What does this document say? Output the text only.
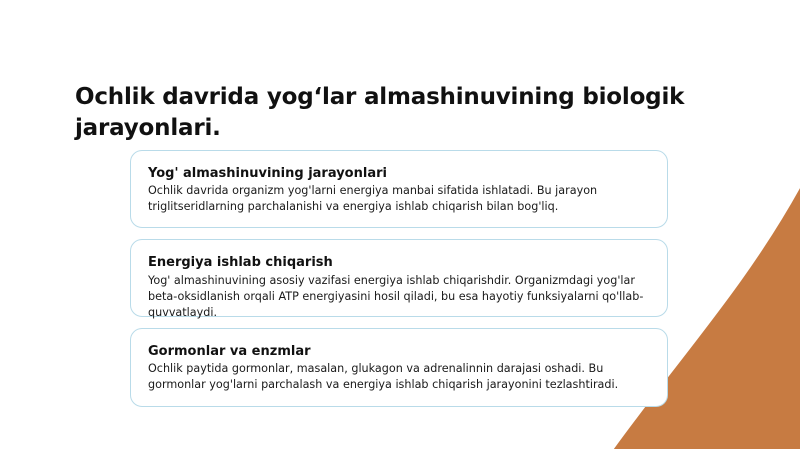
Ochlik davrida yog‘lar almashinuvining biologik jarayonlari.

Yog' almashinuvining jarayonlari

Ochlik davrida organizm yog'larni energiya manbai sifatida ishlatadi. Bu jarayon triglitseridlarning parchalanishi va energiya ishlab chiqarish bilan bog'liq.

Energiya ishlab chiqarish

Yog' almashinuvining asosiy vazifasi energiya ishlab chiqarishdir. Organizmdagi yog'lar beta-oksidlanish orqali ATP energiyasini hosil qiladi, bu esa hayotiy funksiyalarni qo'llab-quvvatlaydi.

Gormonlar va enzmlar

Ochlik paytida gormonlar, masalan, glukagon va adrenalinnin darajasi oshadi. Bu gormonlar yog'larni parchalash va energiya ishlab chiqarish jarayonini tezlashtiradi.
